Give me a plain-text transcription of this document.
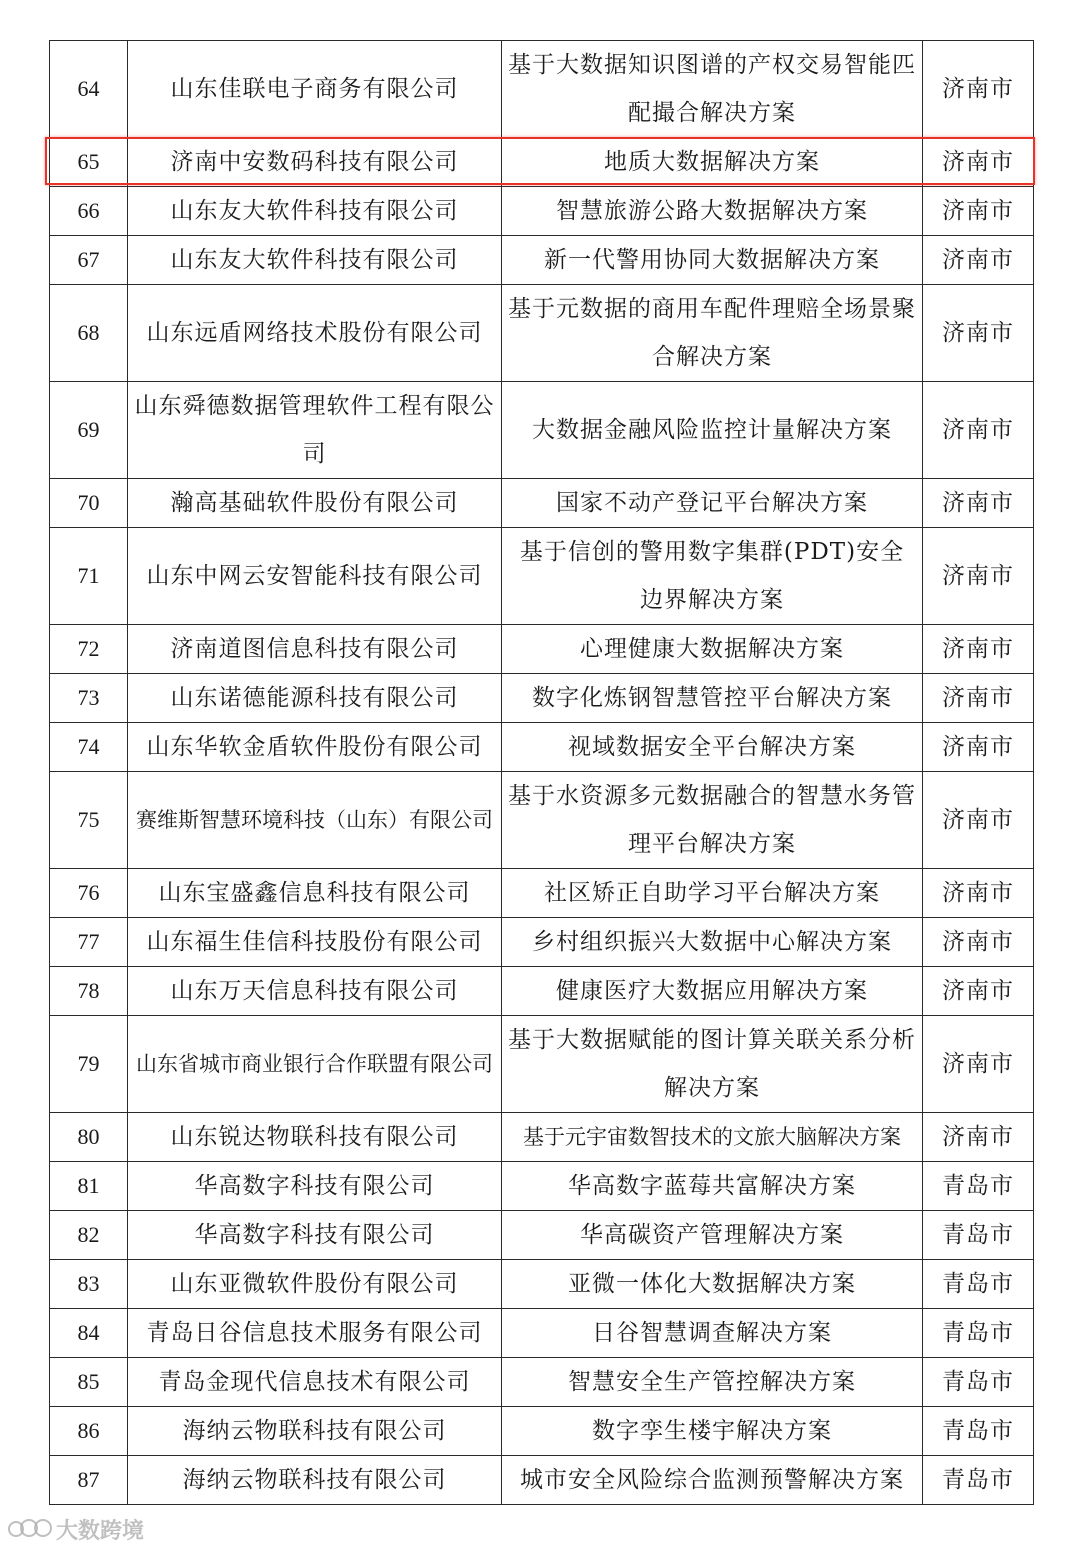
64	山东佳联电子商务有限公司	基于大数据知识图谱的产权交易智能匹配撮合解决方案	济南市
65	济南中安数码科技有限公司	地质大数据解决方案	济南市
66	山东友大软件科技有限公司	智慧旅游公路大数据解决方案	济南市
67	山东友大软件科技有限公司	新一代警用协同大数据解决方案	济南市
68	山东远盾网络技术股份有限公司	基于元数据的商用车配件理赔全场景聚合解决方案	济南市
69	山东舜德数据管理软件工程有限公司	大数据金融风险监控计量解决方案	济南市
70	瀚高基础软件股份有限公司	国家不动产登记平台解决方案	济南市
71	山东中网云安智能科技有限公司	基于信创的警用数字集群(PDT)安全边界解决方案	济南市
72	济南道图信息科技有限公司	心理健康大数据解决方案	济南市
73	山东诺德能源科技有限公司	数字化炼钢智慧管控平台解决方案	济南市
74	山东华软金盾软件股份有限公司	视域数据安全平台解决方案	济南市
75	赛维斯智慧环境科技（山东）有限公司	基于水资源多元数据融合的智慧水务管理平台解决方案	济南市
76	山东宝盛鑫信息科技有限公司	社区矫正自助学习平台解决方案	济南市
77	山东福生佳信科技股份有限公司	乡村组织振兴大数据中心解决方案	济南市
78	山东万天信息科技有限公司	健康医疗大数据应用解决方案	济南市
79	山东省城市商业银行合作联盟有限公司	基于大数据赋能的图计算关联关系分析解决方案	济南市
80	山东锐达物联科技有限公司	基于元宇宙数智技术的文旅大脑解决方案	济南市
81	华高数字科技有限公司	华高数字蓝莓共富解决方案	青岛市
82	华高数字科技有限公司	华高碳资产管理解决方案	青岛市
83	山东亚微软件股份有限公司	亚微一体化大数据解决方案	青岛市
84	青岛日谷信息技术服务有限公司	日谷智慧调查解决方案	青岛市
85	青岛金现代信息技术有限公司	智慧安全生产管控解决方案	青岛市
86	海纳云物联科技有限公司	数字孪生楼宇解决方案	青岛市
87	海纳云物联科技有限公司	城市安全风险综合监测预警解决方案	青岛市
大数跨境
